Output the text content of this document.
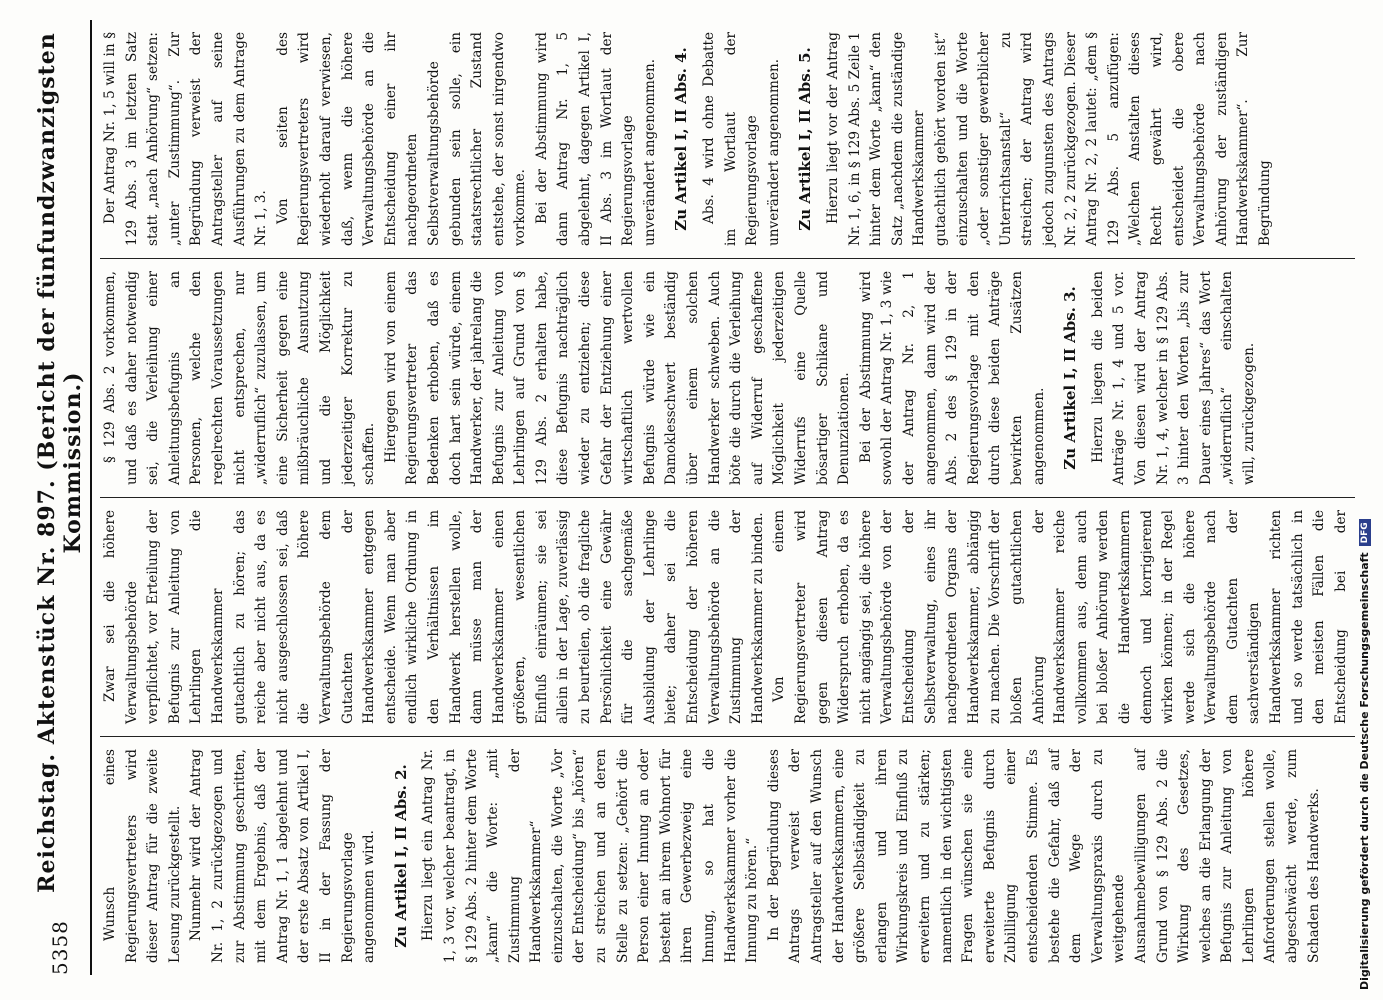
5358
Reichstag. Aktenstück Nr. 897. (Bericht der fünfundzwanzigsten Kommission.)

Wunsch eines Regierungsvertreters wird dieser Antrag für die zweite Lesung zurückgestellt. Nunmehr wird der Antrag Nr. 1, 2 zurückgezogen und zur Abstimmung geschritten, mit dem Ergebnis, daß der Antrag Nr. 1, 1 abgelehnt und der erste Absatz von Artikel I, II in der Fassung der Regierungsvorlage angenommen wird. Zu Artikel I, II Abs. 2. Hierzu liegt ein Antrag Nr. 1, 3 vor, welcher beantragt, in § 129 Abs. 2 hinter dem Worte „kann“ die Worte: „mit Zustimmung der Handwerkskammer“ einzuschalten, die Worte „Vor der Entscheidung“ bis „hören“ zu streichen und an deren Stelle zu setzen: „Gehört die Person einer Innung an oder besteht an ihrem Wohnort für ihren Gewerbezweig eine Innung, so hat die Handwerkskammer vorher die Innung zu hören.“ In der Begründung dieses Antrags verweist der Antragsteller auf den Wunsch der Handwerkskammern, eine größere Selbständigkeit zu erlangen und ihren Wirkungskreis und Einfluß zu erweitern und zu stärken; namentlich in den wichtigsten Fragen wünschen sie eine erweiterte Befugnis durch Zubilligung einer entscheidenden Stimme. Es bestehe die Gefahr, daß auf dem Wege der Verwaltungspraxis durch zu weitgehende Ausnahmebewilligungen auf Grund von § 129 Abs. 2 die Wirkung des Gesetzes, welches an die Erlangung der Befugnis zur Anleitung von Lehrlingen höhere Anforderungen stellen wolle, abgeschwächt werde, zum Schaden des Handwerks.

Zwar sei die höhere Verwaltungsbehörde verpflichtet, vor Erteilung der Befugnis zur Anleitung von Lehrlingen die Handwerkskammer gutachtlich zu hören; das reiche aber nicht aus, da es nicht ausgeschlossen sei, daß die höhere Verwaltungsbehörde dem Gutachten der Handwerkskammer entgegen entscheide. Wenn man aber endlich wirkliche Ordnung in den Verhältnissen im Handwerk herstellen wolle, dann müsse man der Handwerkskammer einen größeren, wesentlichen Einfluß einräumen; sie sei allein in der Lage, zuverlässig zu beurteilen, ob die fragliche Persönlichkeit eine Gewähr für die sachgemäße Ausbildung der Lehrlinge biete; daher sei die Entscheidung der höheren Verwaltungsbehörde an die Zustimmung der Handwerkskammer zu binden. Von einem Regierungsvertreter wird gegen diesen Antrag Widerspruch erhoben, da es nicht angängig sei, die höhere Verwaltungsbehörde von der Entscheidung der Selbstverwaltung, eines ihr nachgeordneten Organs der Handwerkskammer, abhängig zu machen. Die Vorschrift der bloßen gutachtlichen Anhörung der Handwerkskammer reiche vollkommen aus, denn auch bei bloßer Anhörung werden die Handwerkskammern dennoch und korrigierend wirken können; in der Regel werde sich die höhere Verwaltungsbehörde nach dem Gutachten der sachverständigen Handwerkskammer richten und so werde tatsächlich in den meisten Fällen die Entscheidung bei der

§ 129 Abs. 2 vorkommen, und daß es daher notwendig sei, die Verleihung einer Anleitungsbefugnis an Personen, welche den regelrechten Voraussetzungen nicht entsprechen, nur „widerruflich“ zuzulassen, um eine Sicherheit gegen eine mißbräuchliche Ausnutzung und die Möglichkeit jederzeitiger Korrektur zu schaffen. Hiergegen wird von einem Regierungsvertreter das Bedenken erhoben, daß es doch hart sein würde, einem Handwerker, der jahrelang die Befugnis zur Anleitung von Lehrlingen auf Grund von § 129 Abs. 2 erhalten habe, diese Befugnis nachträglich wieder zu entziehen; diese Gefahr der Entziehung einer wirtschaftlich wertvollen Befugnis würde wie ein Damoklesschwert beständig über einem solchen Handwerker schweben. Auch böte die durch die Verleihung auf Widerruf geschaffene Möglichkeit jederzeitigen Widerrufs eine Quelle bösartiger Schikane und Denunziationen. Bei der Abstimmung wird sowohl der Antrag Nr. 1, 3 wie der Antrag Nr. 2, 1 angenommen, dann wird der Abs. 2 des § 129 in der Regierungsvorlage mit den durch diese beiden Anträge bewirkten Zusätzen angenommen. Zu Artikel I, II Abs. 3. Hierzu liegen die beiden Anträge Nr. 1, 4 und 5 vor. Von diesen wird der Antrag Nr. 1, 4, welcher in § 129 Abs. 3 hinter den Worten „bis zur Dauer eines Jahres“ das Wort „widerruflich“ einschalten will, zurückgezogen.

Der Antrag Nr. 1, 5 will in § 129 Abs. 3 im letzten Satz statt „nach Anhörung“ setzen: „unter Zustimmung“. Zur Begründung verweist der Antragsteller auf seine Ausführungen zu dem Antrage Nr. 1, 3. Von seiten des Regierungsvertreters wird wiederholt darauf verwiesen, daß, wenn die höhere Verwaltungsbehörde an die Entscheidung einer ihr nachgeordneten Selbstverwaltungsbehörde gebunden sein solle, ein staatsrechtlicher Zustand entstehe, der sonst nirgendwo vorkomme. Bei der Abstimmung wird dann Antrag Nr. 1, 5 abgelehnt, dagegen Artikel I, II Abs. 3 im Wortlaut der Regierungsvorlage unverändert angenommen. Zu Artikel I, II Abs. 4. Abs. 4 wird ohne Debatte im Wortlaut der Regierungsvorlage unverändert angenommen. Zu Artikel I, II Abs. 5. Hierzu liegt vor der Antrag Nr. 1, 6, in § 129 Abs. 5 Zeile 1 hinter dem Worte „kann“ den Satz „nachdem die zuständige Handwerkskammer gutachtlich gehört worden ist“ einzuschalten und die Worte „oder sonstiger gewerblicher Unterrichtsanstalt“ zu streichen; der Antrag wird jedoch zugunsten des Antrags Nr. 2, 2 zurückgezogen. Dieser Antrag Nr. 2, 2 lautet: „dem § 129 Abs. 5 anzufügen: „Welchen Anstalten dieses Recht gewährt wird, entscheidet die obere Verwaltungsbehörde nach Anhörung der zuständigen Handwerkskammer“. Zur Begründung

Digitalisierung gefördert durch die Deutsche Forschungsgemeinschaft
DFG
